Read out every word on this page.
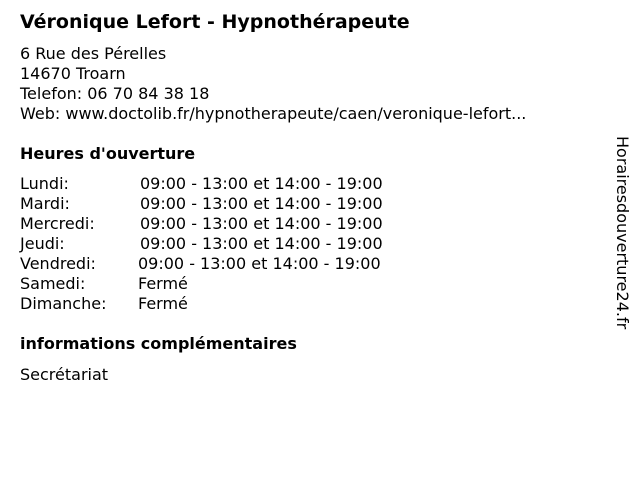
Véronique Lefort - Hypnothérapeute
6 Rue des Pérelles
14670 Troarn
Telefon: 06 70 84 38 18
Web: www.doctolib.fr/hypnotherapeute/caen/veronique-lefort...
Heures d'ouverture
Lundi:	09:00 - 13:00 et 14:00 - 19:00
Mardi:	09:00 - 13:00 et 14:00 - 19:00
Mercredi:	09:00 - 13:00 et 14:00 - 19:00
Jeudi:	09:00 - 13:00 et 14:00 - 19:00
Vendredi:	09:00 - 13:00 et 14:00 - 19:00
Samedi:	Fermé
Dimanche: Fermé
informations complémentaires
Secrétariat
Horairesdouverture24.fr
